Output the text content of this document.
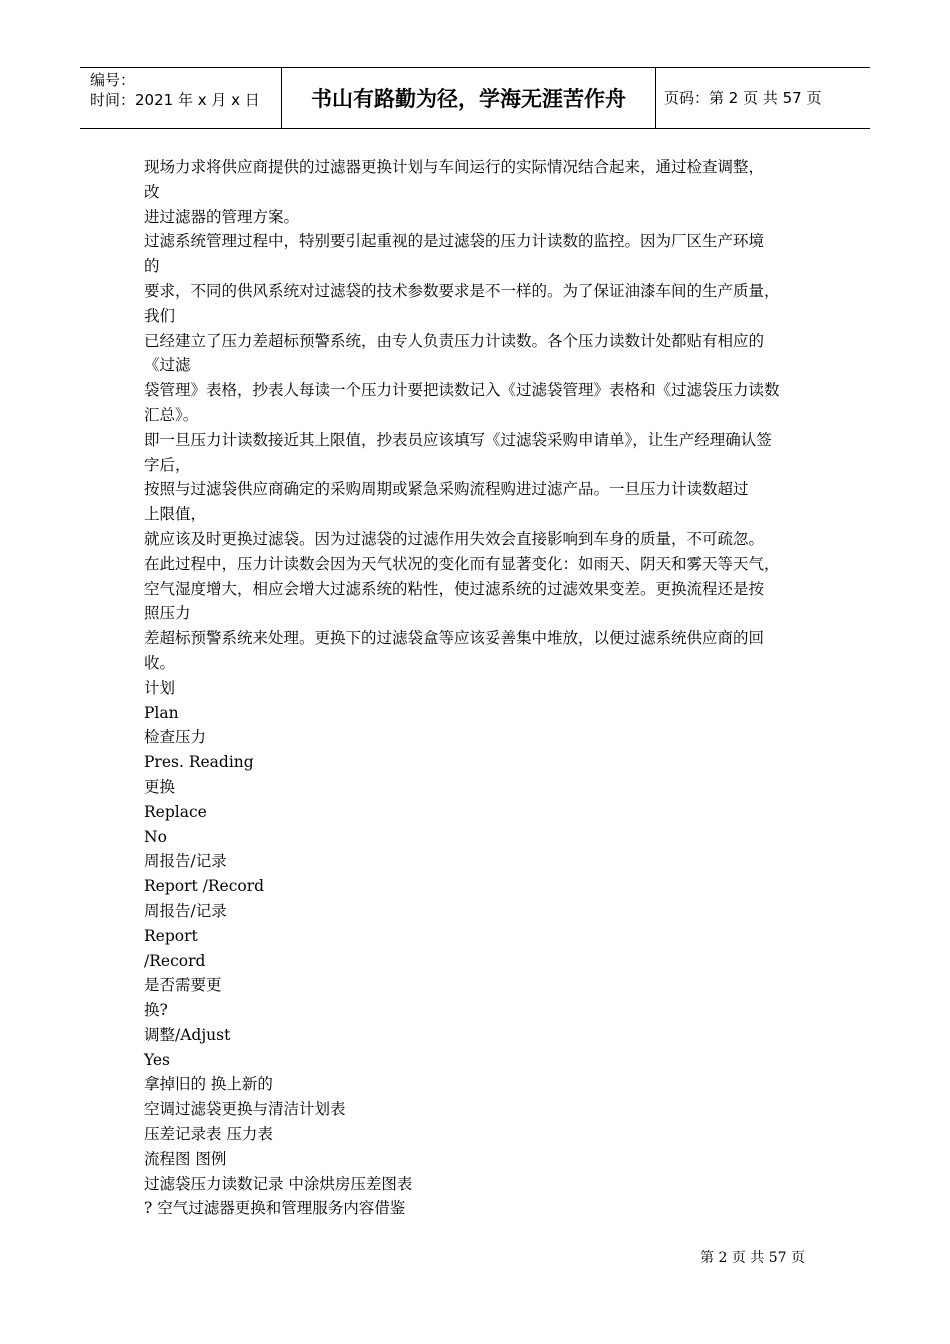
编号：
时间：2021 年 x 月 x 日	书山有路勤为径，学海无涯苦作舟	页码：第 2 页 共 57 页

现场力求将供应商提供的过滤器更换计划与车间运行的实际情况结合起来，通过检查调整，

改

进过滤器的管理方案。

过滤系统管理过程中，特别要引起重视的是过滤袋的压力计读数的监控。因为厂区生产环境

的

要求，不同的供风系统对过滤袋的技术参数要求是不一样的。为了保证油漆车间的生产质量，

我们

已经建立了压力差超标预警系统，由专人负责压力计读数。各个压力读数计处都贴有相应的

《过滤

袋管理》表格，抄表人每读一个压力计要把读数记入《过滤袋管理》表格和《过滤袋压力读数

汇总》。

即一旦压力计读数接近其上限值，抄表员应该填写《过滤袋采购申请单》，让生产经理确认签

字后，

按照与过滤袋供应商确定的采购周期或紧急采购流程购进过滤产品。一旦压力计读数超过

上限值，

就应该及时更换过滤袋。因为过滤袋的过滤作用失效会直接影响到车身的质量，不可疏忽。

在此过程中，压力计读数会因为天气状况的变化而有显著变化：如雨天、阴天和雾天等天气，

空气湿度增大，相应会增大过滤系统的粘性，使过滤系统的过滤效果变差。更换流程还是按

照压力

差超标预警系统来处理。更换下的过滤袋盒等应该妥善集中堆放，以便过滤系统供应商的回

收。

计划

Plan

检查压力

Pres. Reading

更换

Replace

No

周报告/记录

Report /Record

周报告/记录

Report

/Record

是否需要更

换?

调整/Adjust

Yes

拿掉旧的 换上新的

空调过滤袋更换与清洁计划表

压差记录表 压力表

流程图 图例

过滤袋压力读数记录 中涂烘房压差图表

? 空气过滤器更换和管理服务内容借鉴

第 2 页 共 57 页
